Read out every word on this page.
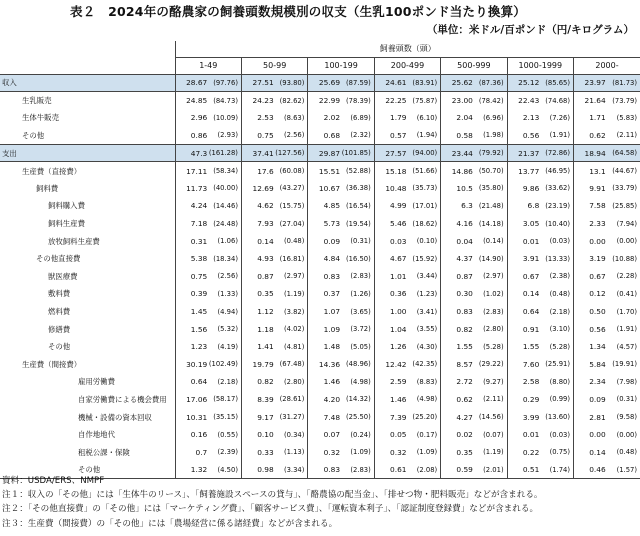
表２　2024年の酪農家の飼養頭数規模別の収支（生乳100ポンド当たり換算）
（単位：米ドル/百ポンド（円/キログラム）
	飼養頭数（頭）													
	1-49		50-99		100-199		200-499		500-999		1000-1999		2000-	
収入	28.67	(97.76)	27.51	(93.80)	25.69	(87.59)	24.61	(83.91)	25.62	(87.36)	25.12	(85.65)	23.97	(81.73)
生乳販売	24.85	(84.73)	24.23	(82.62)	22.99	(78.39)	22.25	(75.87)	23.00	(78.42)	22.43	(74.68)	21.64	(73.79)
生体牛販売	2.96	(10.09)	2.53	(8.63)	2.02	(6.89)	1.79	(6.10)	2.04	(6.96)	2.13	(7.26)	1.71	(5.83)
その他	0.86	(2.93)	0.75	(2.56)	0.68	(2.32)	0.57	(1.94)	0.58	(1.98)	0.56	(1.91)	0.62	(2.11)
支出	47.3	(161.28)	37.41	(127.56)	29.87	(101.85)	27.57	(94.00)	23.44	(79.92)	21.37	(72.86)	18.94	(64.58)
生産費（直接費）	17.11	(58.34)	17.6	(60.08)	15.51	(52.88)	15.18	(51.66)	14.86	(50.70)	13.77	(46.95)	13.1	(44.67)
飼料費	11.73	(40.00)	12.69	(43.27)	10.67	(36.38)	10.48	(35.73)	10.5	(35.80)	9.86	(33.62)	9.91	(33.79)
飼料購入費	4.24	(14.46)	4.62	(15.75)	4.85	(16.54)	4.99	(17.01)	6.3	(21.48)	6.8	(23.19)	7.58	(25.85)
飼料生産費	7.18	(24.48)	7.93	(27.04)	5.73	(19.54)	5.46	(18.62)	4.16	(14.18)	3.05	(10.40)	2.33	(7.94)
放牧飼料生産費	0.31	(1.06)	0.14	(0.48)	0.09	(0.31)	0.03	(0.10)	0.04	(0.14)	0.01	(0.03)	0.00	(0.00)
その他直接費	5.38	(18.34)	4.93	(16.81)	4.84	(16.50)	4.67	(15.92)	4.37	(14.90)	3.91	(13.33)	3.19	(10.88)
獣医療費	0.75	(2.56)	0.87	(2.97)	0.83	(2.83)	1.01	(3.44)	0.87	(2.97)	0.67	(2.38)	0.67	(2.28)
敷料費	0.39	(1.33)	0.35	(1.19)	0.37	(1.26)	0.36	(1.23)	0.30	(1.02)	0.14	(0.48)	0.12	(0.41)
燃料費	1.45	(4.94)	1.12	(3.82)	1.07	(3.65)	1.00	(3.41)	0.83	(2.83)	0.64	(2.18)	0.50	(1.70)
修繕費	1.56	(5.32)	1.18	(4.02)	1.09	(3.72)	1.04	(3.55)	0.82	(2.80)	0.91	(3.10)	0.56	(1.91)
その他	1.23	(4.19)	1.41	(4.81)	1.48	(5.05)	1.26	(4.30)	1.55	(5.28)	1.55	(5.28)	1.34	(4.57)
生産費（間接費）	30.19	(102.49)	19.79	(67.48)	14.36	(48.96)	12.42	(42.35)	8.57	(29.22)	7.60	(25.91)	5.84	(19.91)
雇用労働費	0.64	(2.18)	0.82	(2.80)	1.46	(4.98)	2.59	(8.83)	2.72	(9.27)	2.58	(8.80)	2.34	(7.98)
自家労働費による機会費用	17.06	(58.17)	8.39	(28.61)	4.20	(14.32)	1.46	(4.98)	0.62	(2.11)	0.29	(0.99)	0.09	(0.31)
機械・設備の資本回収	10.31	(35.15)	9.17	(31.27)	7.48	(25.50)	7.39	(25.20)	4.27	(14.56)	3.99	(13.60)	2.81	(9.58)
自作地地代	0.16	(0.55)	0.10	(0.34)	0.07	(0.24)	0.05	(0.17)	0.02	(0.07)	0.01	(0.03)	0.00	(0.00)
租税公課・保険	0.7	(2.39)	0.33	(1.13)	0.32	(1.09)	0.32	(1.09)	0.35	(1.19)	0.22	(0.75)	0.14	(0.48)
その他	1.32	(4.50)	0.98	(3.34)	0.83	(2.83)	0.61	(2.08)	0.59	(2.01)	0.51	(1.74)	0.46	(1.57)
資料：USDA/ERS、NMPF
注１：収入の「その他」には「生体牛のリース」、「飼養施設スペースの貸与」、「酪農協の配当金」、「排せつ物・肥料販売」などが含まれる。
注２：「その他直接費」の「その他」には「マーケティング費」、「顧客サービス費」、「運転資本利子」、「認証制度登録費」などが含まれる。
注３：生産費（間接費）の「その他」には「農場経営に係る諸経費」などが含まれる。
